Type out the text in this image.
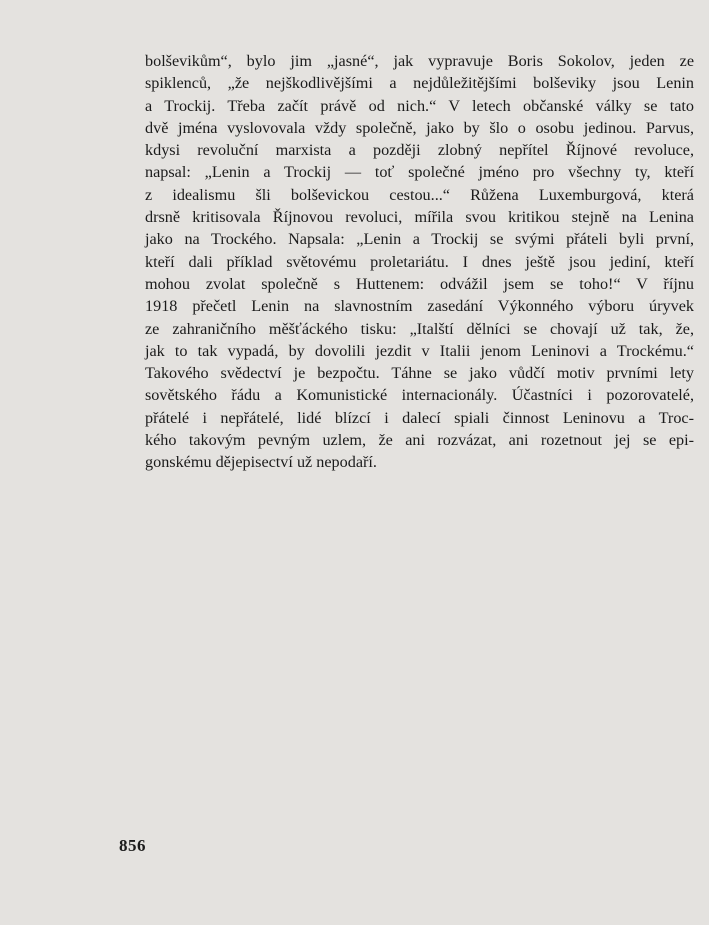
bolševikům“, bylo jim „jasné“, jak vypravuje Boris Sokolov, jeden ze
spiklenců, „že nejškodlivějšími a nejdůležitějšími bolševiky jsou Lenin
a Trockij. Třeba začít právě od nich.“ V letech občanské války se tato
dvě jména vyslovovala vždy společně, jako by šlo o osobu jedinou. Parvus,
kdysi revoluční marxista a později zlobný nepřítel Říjnové revoluce,
napsal: „Lenin a Trockij — toť společné jméno pro všechny ty, kteří
z idealismu šli bolševickou cestou...“ Růžena Luxemburgová, která
drsně kritisovala Říjnovou revoluci, mířila svou kritikou stejně na Lenina
jako na Trockého. Napsala: „Lenin a Trockij se svými přáteli byli první,
kteří dali příklad světovému proletariátu. I dnes ještě jsou jediní, kteří
mohou zvolat společně s Huttenem: odvážil jsem se toho!“ V říjnu
1918 přečetl Lenin na slavnostním zasedání Výkonného výboru úryvek
ze zahraničního měšťáckého tisku: „Italští dělníci se chovají už tak, že,
jak to tak vypadá, by dovolili jezdit v Italii jenom Leninovi a Trockému.“
Takového svědectví je bezpočtu. Táhne se jako vůdčí motiv prvními lety
sovětského řádu a Komunistické internacionály. Účastníci i pozorovatelé,
přátelé i nepřátelé, lidé blízcí i dalecí spiali činnost Leninovu a Troc-
kého takovým pevným uzlem, že ani rozvázat, ani rozetnout jej se epi-
gonskému dějepisectví už nepodaří.
856
